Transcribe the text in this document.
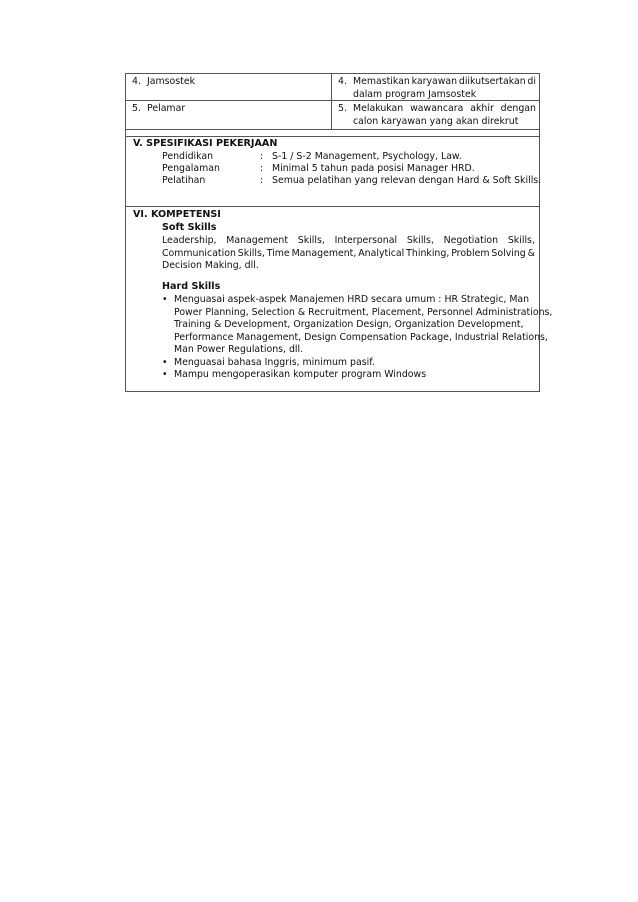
4. Jamsostek	4. Memastikan karyawan diikutsertakan di
dalam program Jamsostek
5. Pelamar	5. Melakukan wawancara akhir dengan
calon karyawan yang akan direkrut
V. SPESIFIKASI PEKERJAAN
Pendidikan	: S-1 / S-2 Management, Psychology, Law.
Pengalaman	: Minimal 5 tahun pada posisi Manager HRD.
Pelatihan	: Semua pelatihan yang relevan dengan Hard & Soft Skills.
VI. KOMPETENSI
Soft Skills
Leadership, Management Skills, Interpersonal Skills, Negotiation Skills,
Communication Skills, Time Management, Analytical Thinking, Problem Solving &
Decision Making, dll.
Hard Skills
• Menguasai aspek-aspek Manajemen HRD secara umum : HR Strategic, Man
Power Planning, Selection & Recruitment, Placement, Personnel Administrations,
Training & Development, Organization Design, Organization Development,
Performance Management, Design Compensation Package, Industrial Relations,
Man Power Regulations, dll.
• Menguasai bahasa Inggris, minimum pasif.
• Mampu mengoperasikan komputer program Windows
